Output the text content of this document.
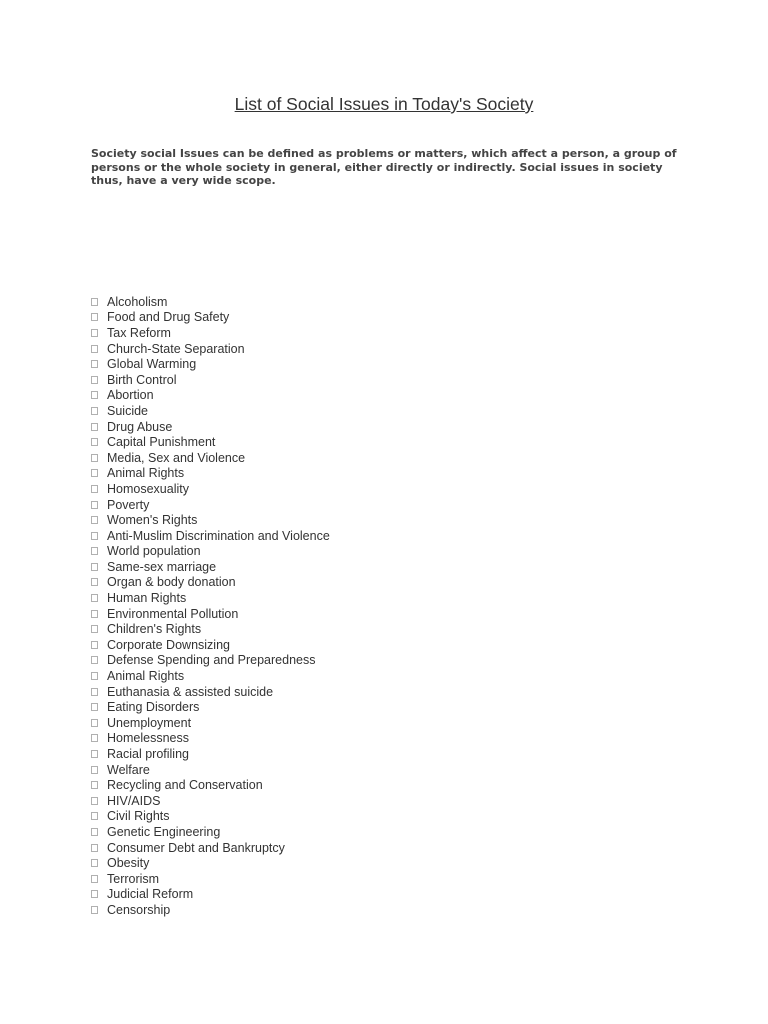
List of Social Issues in Today's Society

Society social Issues can be defined as problems or matters, which affect a person, a group of persons or the whole society in general, either directly or indirectly. Social issues in society thus, have a very wide scope.

Alcoholism
Food and Drug Safety
Tax Reform
Church-State Separation
Global Warming
Birth Control
Abortion
Suicide
Drug Abuse
Capital Punishment
Media, Sex and Violence
Animal Rights
Homosexuality
Poverty
Women's Rights
Anti-Muslim Discrimination and Violence
World population
Same-sex marriage
Organ & body donation
Human Rights
Environmental Pollution
Children's Rights
Corporate Downsizing
Defense Spending and Preparedness
Animal Rights
Euthanasia & assisted suicide
Eating Disorders
Unemployment
Homelessness
Racial profiling
Welfare
Recycling and Conservation
HIV/AIDS
Civil Rights
Genetic Engineering
Consumer Debt and Bankruptcy
Obesity
Terrorism
Judicial Reform
Censorship
